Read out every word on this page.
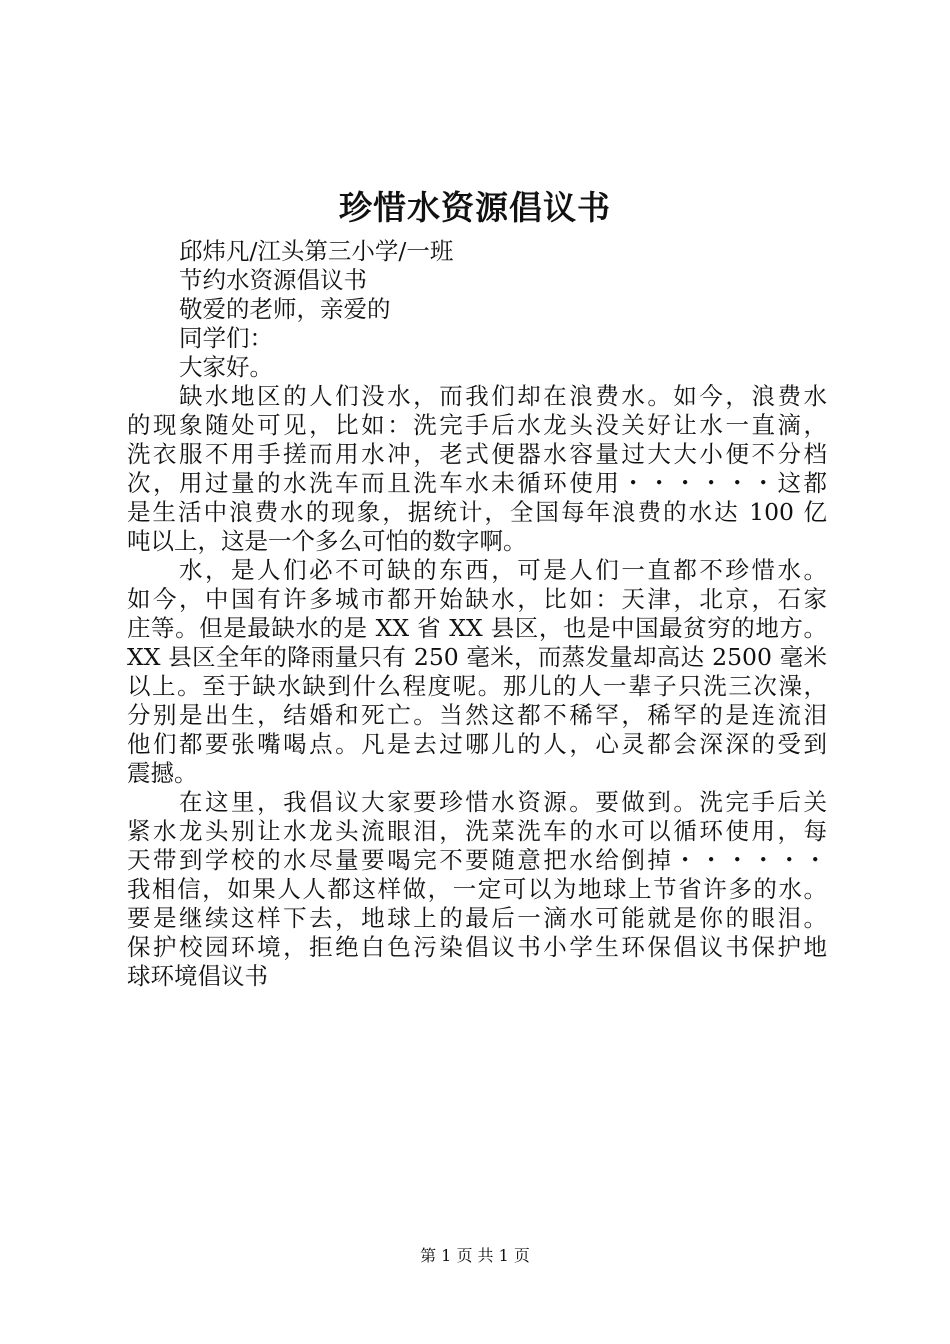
珍惜水资源倡议书
邱炜凡/江头第三小学/一班
节约水资源倡议书
敬爱的老师，亲爱的
同学们：
大家好。
缺水地区的人们没水，而我们却在浪费水。如今，浪费水
的现象随处可见，比如：洗完手后水龙头没关好让水一直滴，
洗衣服不用手搓而用水冲，老式便器水容量过大大小便不分档
次，用过量的水洗车而且洗车水未循环使用・・・・・・这都
是生活中浪费水的现象，据统计，全国每年浪费的水达 100 亿
吨以上，这是一个多么可怕的数字啊。
水，是人们必不可缺的东西，可是人们一直都不珍惜水。
如今，中国有许多城市都开始缺水，比如：天津，北京，石家
庄等。但是最缺水的是 XX 省 XX 县区，也是中国最贫穷的地方。
XX 县区全年的降雨量只有 250 毫米，而蒸发量却高达 2500 毫米
以上。至于缺水缺到什么程度呢。那儿的人一辈子只洗三次澡，
分别是出生，结婚和死亡。当然这都不稀罕，稀罕的是连流泪
他们都要张嘴喝点。凡是去过哪儿的人，心灵都会深深的受到
震撼。
在这里，我倡议大家要珍惜水资源。要做到。洗完手后关
紧水龙头别让水龙头流眼泪，洗菜洗车的水可以循环使用，每
天带到学校的水尽量要喝完不要随意把水给倒掉・・・・・・
我相信，如果人人都这样做，一定可以为地球上节省许多的水。
要是继续这样下去，地球上的最后一滴水可能就是你的眼泪。
保护校园环境，拒绝白色污染倡议书小学生环保倡议书保护地
球环境倡议书
第 1 页 共 1 页
